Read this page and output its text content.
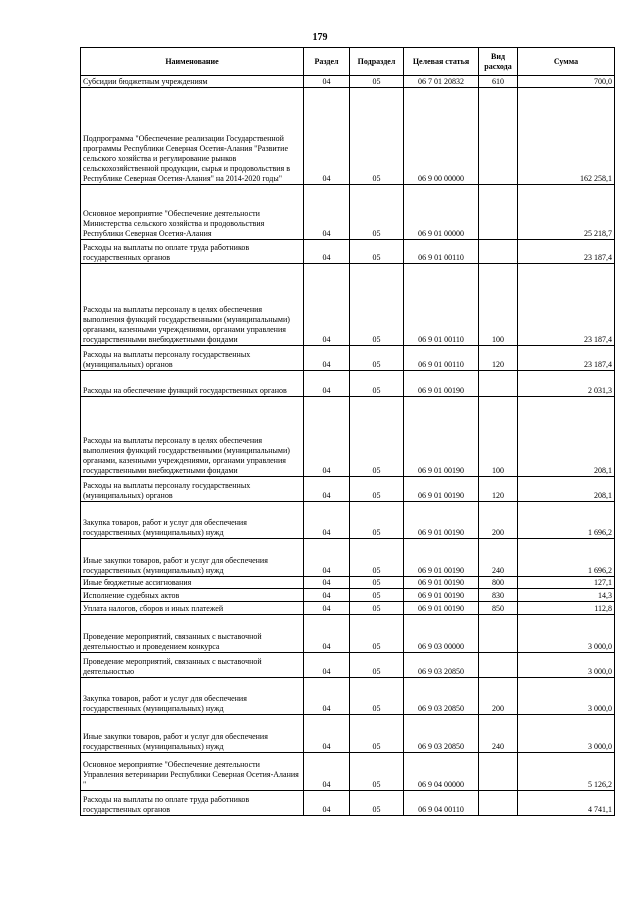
179
Наименование	Раздел	Подраздел	Целевая статья	Вид расхода	Сумма
Субсидии бюджетным учреждениям	04	05	06 7 01 20832	610	700,0
Подпрограмма "Обеспечение реализации Государственной программы Республики Северная Осетия-Алания "Развитие сельского хозяйства и регулирование рынков сельскохозяйственной продукции, сырья и продовольствия в Республике Северная Осетия-Алания" на 2014-2020 годы"	04	05	06 9 00 00000		162 258,1
Основное мероприятие "Обеспечение деятельности Министерства сельского хозяйства и продовольствия Республики Северная Осетия-Алания	04	05	06 9 01 00000		25 218,7
Расходы на выплаты по оплате труда работников государственных органов	04	05	06 9 01 00110		23 187,4
Расходы на выплаты персоналу в целях обеспечения выполнения функций государственными (муниципальными) органами, казенными учреждениями, органами управления государственными внебюджетными фондами	04	05	06 9 01 00110	100	23 187,4
Расходы на выплаты персоналу государственных (муниципальных) органов	04	05	06 9 01 00110	120	23 187,4
Расходы на обеспечение функций государственных органов	04	05	06 9 01 00190		2 031,3
Расходы на выплаты персоналу в целях обеспечения выполнения функций государственными (муниципальными) органами, казенными учреждениями, органами управления государственными внебюджетными фондами	04	05	06 9 01 00190	100	208,1
Расходы на выплаты персоналу государственных (муниципальных) органов	04	05	06 9 01 00190	120	208,1
Закупка товаров, работ и услуг для обеспечения государственных (муниципальных) нужд	04	05	06 9 01 00190	200	1 696,2
Иные закупки товаров, работ и услуг для обеспечения государственных (муниципальных) нужд	04	05	06 9 01 00190	240	1 696,2
Иные бюджетные ассигнования	04	05	06 9 01 00190	800	127,1
Исполнение судебных актов	04	05	06 9 01 00190	830	14,3
Уплата налогов, сборов и иных платежей	04	05	06 9 01 00190	850	112,8
Проведение мероприятий, связанных с выставочной деятельностью и проведением конкурса	04	05	06 9 03 00000		3 000,0
Проведение мероприятий, связанных с выставочной деятельностью	04	05	06 9 03 20850		3 000,0
Закупка товаров, работ и услуг для обеспечения государственных (муниципальных) нужд	04	05	06 9 03 20850	200	3 000,0
Иные закупки товаров, работ и услуг для обеспечения государственных (муниципальных) нужд	04	05	06 9 03 20850	240	3 000,0
Основное мероприятие "Обеспечение деятельности Управления ветеринарии Республики Северная Осетия-Алания "	04	05	06 9 04 00000		5 126,2
Расходы на выплаты по оплате труда работников государственных органов	04	05	06 9 04 00110		4 741,1
